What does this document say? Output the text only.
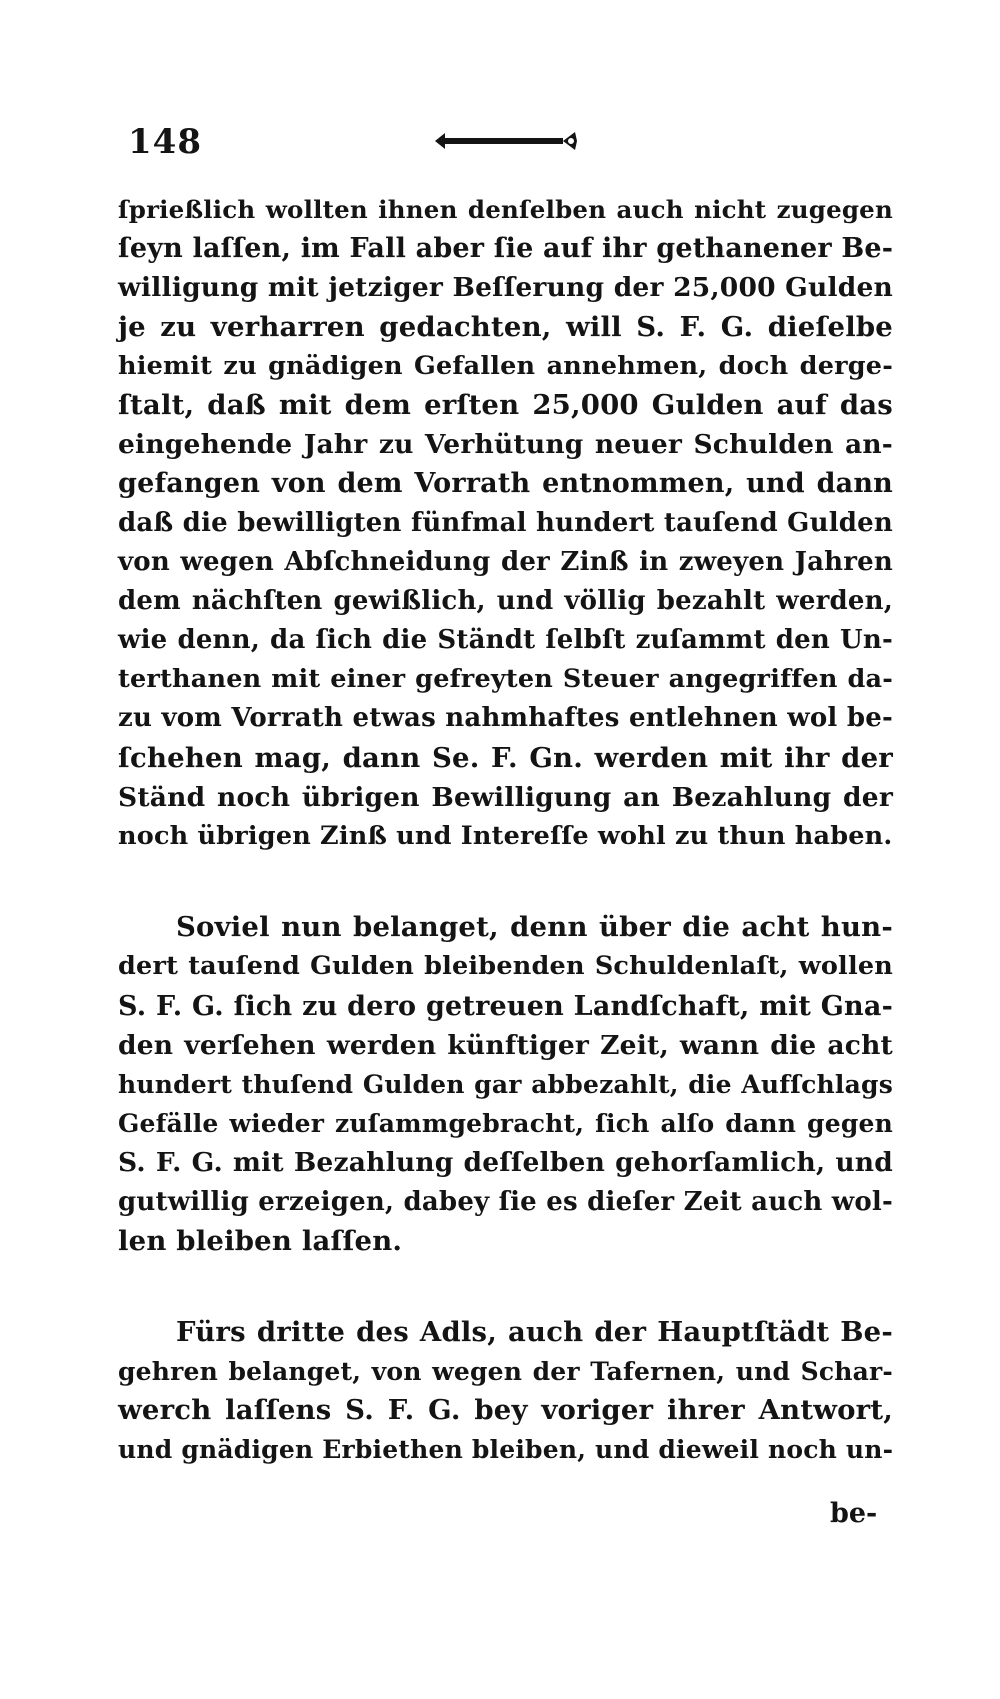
148
ſprießlich wollten ihnen denſelben auch nicht zugegen
ſeyn laſſen, im Fall aber ſie auf ihr gethanener Be-
willigung mit jetziger Beſſerung der 25,000 Gulden
je zu verharren gedachten, will S. F. G. dieſelbe
hiemit zu gnädigen Gefallen annehmen, doch derge-
ſtalt, daß mit dem erſten 25,000 Gulden auf das
eingehende Jahr zu Verhütung neuer Schulden an-
gefangen von dem Vorrath entnommen, und dann
daß die bewilligten fünfmal hundert tauſend Gulden
von wegen Abſchneidung der Zinß in zweyen Jahren
dem nächſten gewißlich, und völlig bezahlt werden,
wie denn, da ſich die Ständt ſelbſt zuſammt den Un-
terthanen mit einer gefreyten Steuer angegriffen da-
zu vom Vorrath etwas nahmhaftes entlehnen wol be-
ſchehen mag, dann Se. F. Gn. werden mit ihr der
Ständ noch übrigen Bewilligung an Bezahlung der
noch übrigen Zinß und Intereſſe wohl zu thun haben.
Soviel nun belanget, denn über die acht hun-
dert tauſend Gulden bleibenden Schuldenlaſt, wollen
S. F. G. ſich zu dero getreuen Landſchaft, mit Gna-
den verſehen werden künftiger Zeit, wann die acht
hundert thuſend Gulden gar abbezahlt, die Aufſchlags
Gefälle wieder zuſammgebracht, ſich alſo dann gegen
S. F. G. mit Bezahlung deſſelben gehorſamlich, und
gutwillig erzeigen, dabey ſie es dieſer Zeit auch wol-
len bleiben laſſen.
Fürs dritte des Adls, auch der Hauptſtädt Be-
gehren belanget, von wegen der Tafernen, und Schar-
werch laſſens S. F. G. bey voriger ihrer Antwort,
und gnädigen Erbiethen bleiben, und dieweil noch un-
be-
